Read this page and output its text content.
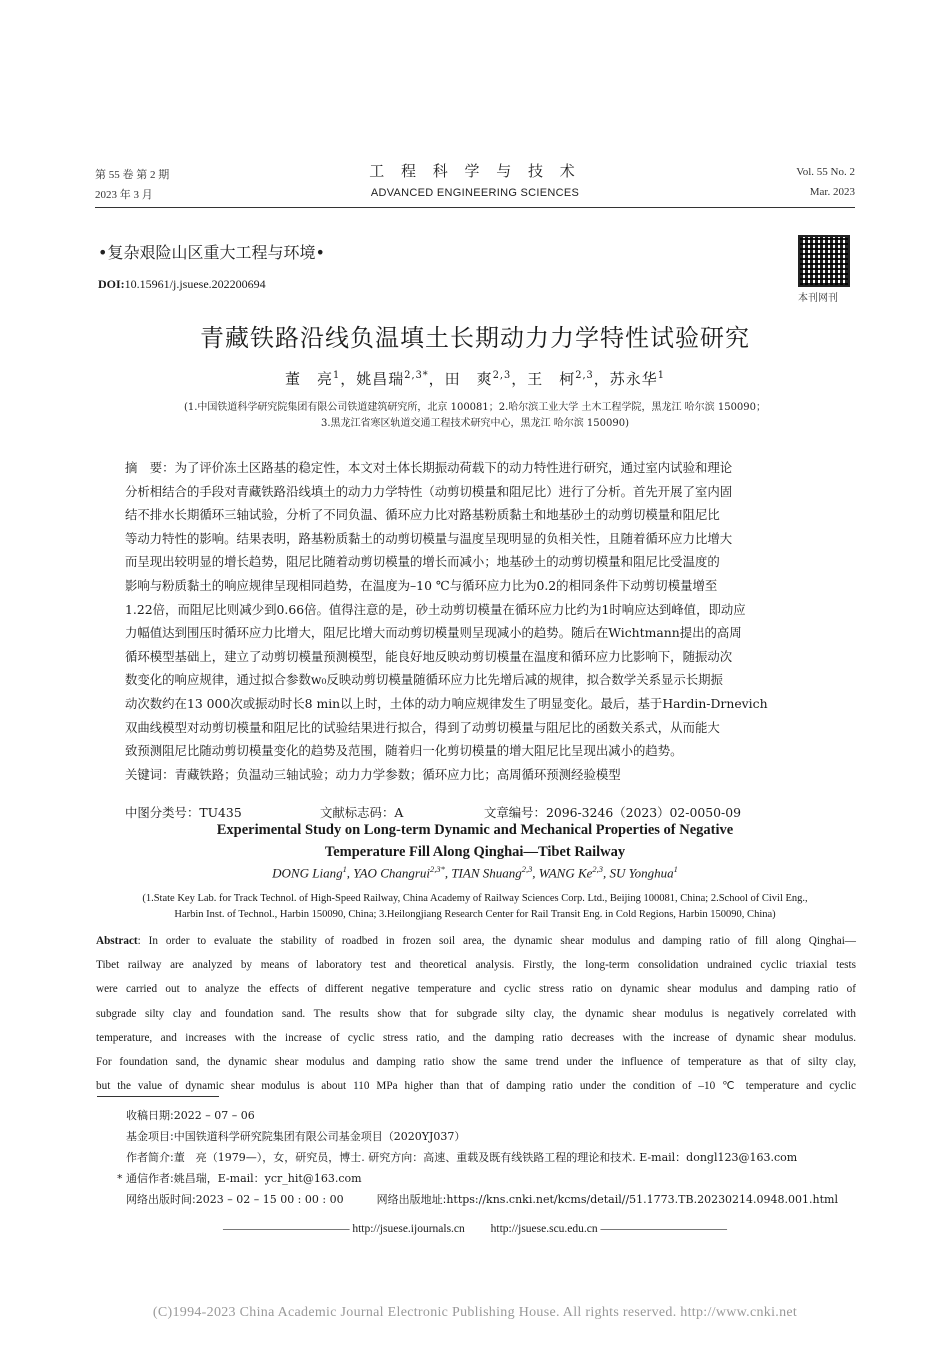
第 55 卷 第 2 期
2023 年 3 月
工 程 科 学 与 技 术
ADVANCED ENGINEERING SCIENCES
Vol. 55 No. 2
Mar. 2023
•复杂艰险山区重大工程与环境•
DOI:10.15961/j.jsuese.202200694
本刊网刊
青藏铁路沿线负温填土长期动力力学特性试验研究
董　亮$^1$，姚昌瑞$^{2,3*}$，田　爽$^{2,3}$，王　柯$^{2,3}$，苏永华$^1$
(1.中国铁道科学研究院集团有限公司铁道建筑研究所，北京 100081；2.哈尔滨工业大学 土木工程学院，黑龙江 哈尔滨 150090；
3.黑龙江省寒区轨道交通工程技术研究中心，黑龙江 哈尔滨 150090)
摘　要：为了评价冻土区路基的稳定性，本文对土体长期振动荷载下的动力特性进行研究，通过室内试验和理论
分析相结合的手段对青藏铁路沿线填土的动力力学特性（动剪切模量和阻尼比）进行了分析。首先开展了室内固
结不排水长期循环三轴试验，分析了不同负温、循环应力比对路基粉质黏土和地基砂土的动剪切模量和阻尼比
等动力特性的影响。结果表明，路基粉质黏土的动剪切模量与温度呈现明显的负相关性，且随着循环应力比增大
而呈现出较明显的增长趋势，阻尼比随着动剪切模量的增长而减小；地基砂土的动剪切模量和阻尼比受温度的
影响与粉质黏土的响应规律呈现相同趋势，在温度为–10 ℃与循环应力比为0.2的相同条件下动剪切模量增至
1.22倍，而阻尼比则减少到0.66倍。值得注意的是，砂土动剪切模量在循环应力比约为1时响应达到峰值，即动应
力幅值达到围压时循环应力比增大，阻尼比增大而动剪切模量则呈现减小的趋势。随后在Wichtmann提出的高周
循环模型基础上，建立了动剪切模量预测模型，能良好地反映动剪切模量在温度和循环应力比影响下，随振动次
数变化的响应规律，通过拟合参数w₀反映动剪切模量随循环应力比先增后减的规律，拟合数学关系显示长期振
动次数约在13 000次或振动时长8 min以上时，土体的动力响应规律发生了明显变化。最后，基于Hardin-Drnevich
双曲线模型对动剪切模量和阻尼比的试验结果进行拟合，得到了动剪切模量与阻尼比的函数关系式，从而能大
致预测阻尼比随动剪切模量变化的趋势及范围，随着归一化剪切模量的增大阻尼比呈现出减小的趋势。
关键词：青藏铁路；负温动三轴试验；动力力学参数；循环应力比；高周循环预测经验模型
中图分类号：TU435	文献标志码：A	文章编号：2096-3246（2023）02-0050-09
Experimental Study on Long-term Dynamic and Mechanical Properties of Negative
Temperature Fill Along Qinghai—Tibet Railway
DONG Liang$^1$, YAO Changrui$^{2,3*}$, TIAN Shuang$^{2,3}$, WANG Ke$^{2,3}$, SU Yonghua$^1$
(1.State Key Lab. for Track Technol. of High-Speed Railway, China Academy of Railway Sciences Corp. Ltd., Beijing 100081, China; 2.School of Civil Eng.,
Harbin Inst. of Technol., Harbin 150090, China; 3.Heilongjiang Research Center for Rail Transit Eng. in Cold Regions, Harbin 150090, China)
Abstract: In order to evaluate the stability of roadbed in frozen soil area, the dynamic shear modulus and damping ratio of fill along Qinghai—
Tibet railway are analyzed by means of laboratory test and theoretical analysis. Firstly, the long-term consolidation undrained cyclic triaxial tests
were carried out to analyze the effects of different negative temperature and cyclic stress ratio on dynamic shear modulus and damping ratio of
subgrade silty clay and foundation sand. The results show that for subgrade silty clay, the dynamic shear modulus is negatively correlated with
temperature, and increases with the increase of cyclic stress ratio, and the damping ratio decreases with the increase of dynamic shear modulus.
For foundation sand, the dynamic shear modulus and damping ratio show the same trend under the influence of temperature as that of silty clay,
but the value of dynamic shear modulus is about 110 MPa higher than that of damping ratio under the condition of –10 ℃ temperature and cyclic
收稿日期:2022 – 07 – 06
基金项目:中国铁道科学研究院集团有限公司基金项目（2020YJ037）
作者简介:董　亮（1979—），女，研究员，博士. 研究方向：高速、重载及既有线铁路工程的理论和技术. E-mail：dongl123@163.com
* 通信作者:姚昌瑞，E-mail：ycr_hit@163.com
网络出版时间:2023 – 02 – 15 00 : 00 : 00	网络出版地址:https://kns.cnki.net/kcms/detail//51.1773.TB.20230214.0948.001.html
——————————— http://jsuese.ijournals.cn　　 http://jsuese.scu.edu.cn ———————————
(C)1994-2023 China Academic Journal Electronic Publishing House. All rights reserved. http://www.cnki.net
